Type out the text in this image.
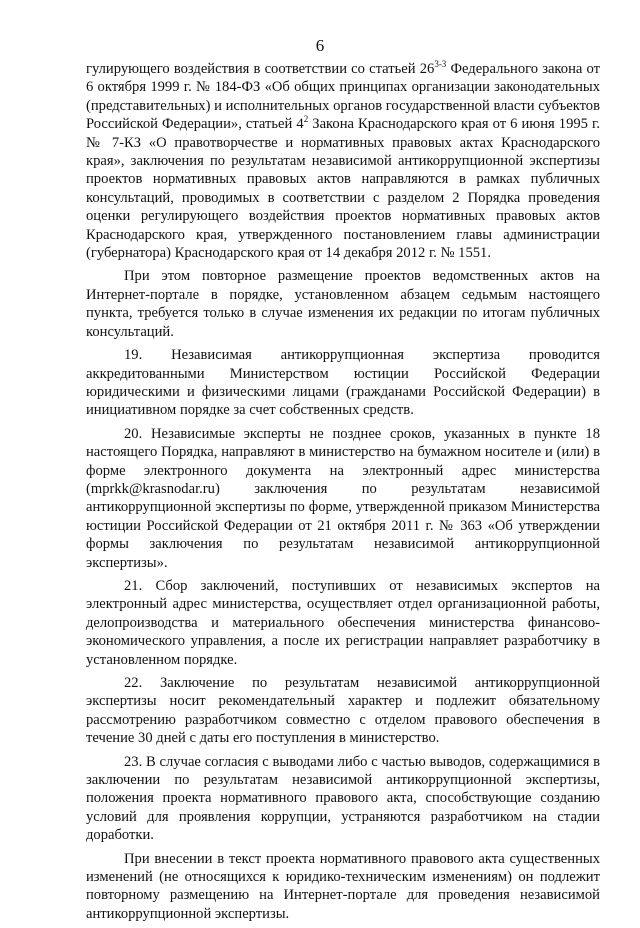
6

гулирующего воздействия в соответствии со статьей 26$^{3-3}$ Федерального закона от 6 октября 1999 г. № 184-ФЗ «Об общих принципах организации законодательных (представительных) и исполнительных органов государственной власти субъектов Российской Федерации», статьей $4^2$ Закона Краснодарского края от 6 июня 1995 г. № 7-КЗ «О правотворчестве и нормативных правовых актах Краснодарского края», заключения по результатам независимой антикоррупционной экспертизы проектов нормативных правовых актов направляются в рамках публичных консультаций, проводимых в соответствии с разделом 2 Порядка проведения оценки регулирующего воздействия проектов нормативных правовых актов Краснодарского края, утвержденного постановлением главы администрации (губернатора) Краснодарского края от 14 декабря 2012 г. № 1551.

При этом повторное размещение проектов ведомственных актов на Интернет-портале в порядке, установленном абзацем седьмым настоящего пункта, требуется только в случае изменения их редакции по итогам публичных консультаций.

19. Независимая антикоррупционная экспертиза проводится аккредитованными Министерством юстиции Российской Федерации юридическими и физическими лицами (гражданами Российской Федерации) в инициативном порядке за счет собственных средств.

20. Независимые эксперты не позднее сроков, указанных в пункте 18 настоящего Порядка, направляют в министерство на бумажном носителе и (или) в форме электронного документа на электронный адрес министерства (mprkk@krasnodar.ru) заключения по результатам независимой антикоррупционной экспертизы по форме, утвержденной приказом Министерства юстиции Российской Федерации от 21 октября 2011 г. № 363 «Об утверждении формы заключения по результатам независимой антикоррупционной экспертизы».

21. Сбор заключений, поступивших от независимых экспертов на электронный адрес министерства, осуществляет отдел организационной работы, делопроизводства и материального обеспечения министерства финансово-экономического управления, а после их регистрации направляет разработчику в установленном порядке.

22. Заключение по результатам независимой антикоррупционной экспертизы носит рекомендательный характер и подлежит обязательному рассмотрению разработчиком совместно с отделом правового обеспечения в течение 30 дней с даты его поступления в министерство.

23. В случае согласия с выводами либо с частью выводов, содержащимися в заключении по результатам независимой антикоррупционной экспертизы, положения проекта нормативного правового акта, способствующие созданию условий для проявления коррупции, устраняются разработчиком на стадии доработки.

При внесении в текст проекта нормативного правового акта существенных изменений (не относящихся к юридико-техническим изменениям) он подлежит повторному размещению на Интернет-портале для проведения независимой антикоррупционной экспертизы.
